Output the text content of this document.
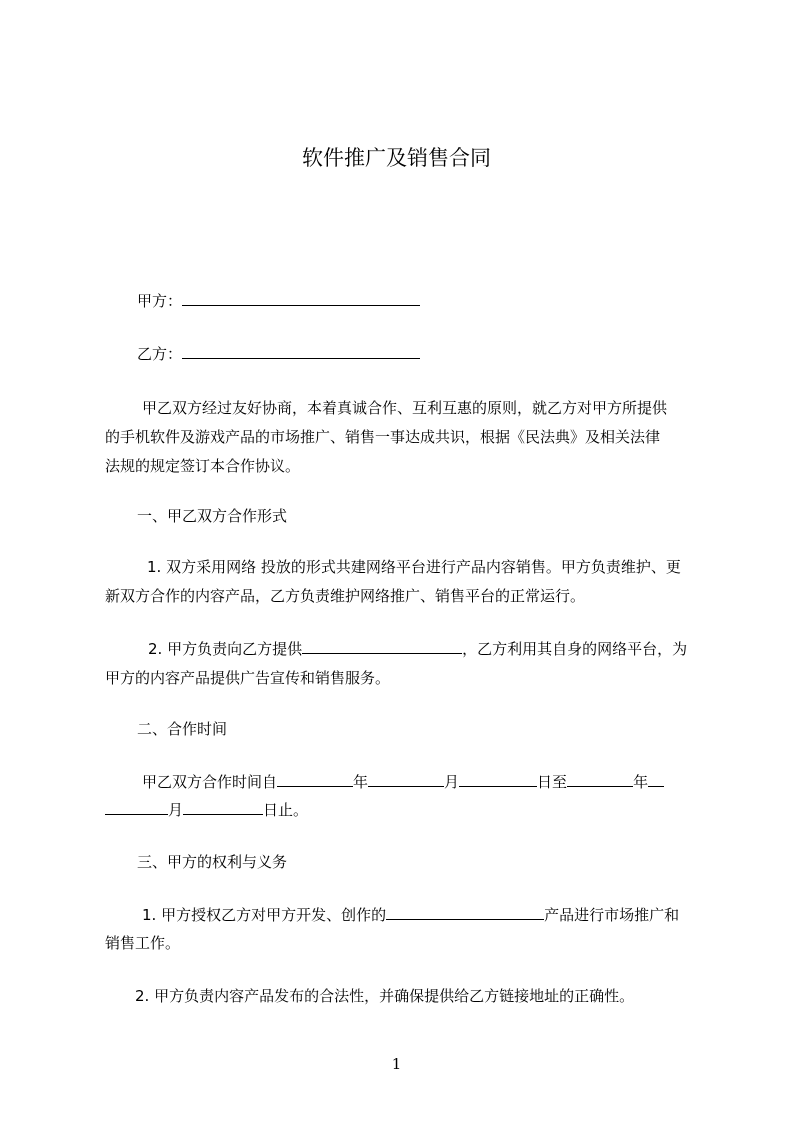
软件推广及销售合同
甲方：
乙方：
甲乙双方经过友好协商，本着真诚合作、互利互惠的原则，就乙方对甲方所提供
的手机软件及游戏产品的市场推广、销售一事达成共识，根据《民法典》及相关法律
法规的规定签订本合作协议。
一、甲乙双方合作形式
1. 双方采用网络 投放的形式共建网络平台进行产品内容销售。甲方负责维护、更
新双方合作的内容产品，乙方负责维护网络推广、销售平台的正常运行。
2. 甲方负责向乙方提供	，乙方利用其自身的网络平台，为
甲方的内容产品提供广告宣传和销售服务。
二、合作时间
甲乙双方合作时间自	年	月	日至	年
月	日止。
三、甲方的权利与义务
1. 甲方授权乙方对甲方开发、创作的	产品进行市场推广和
销售工作。
2. 甲方负责内容产品发布的合法性，并确保提供给乙方链接地址的正确性。
1
